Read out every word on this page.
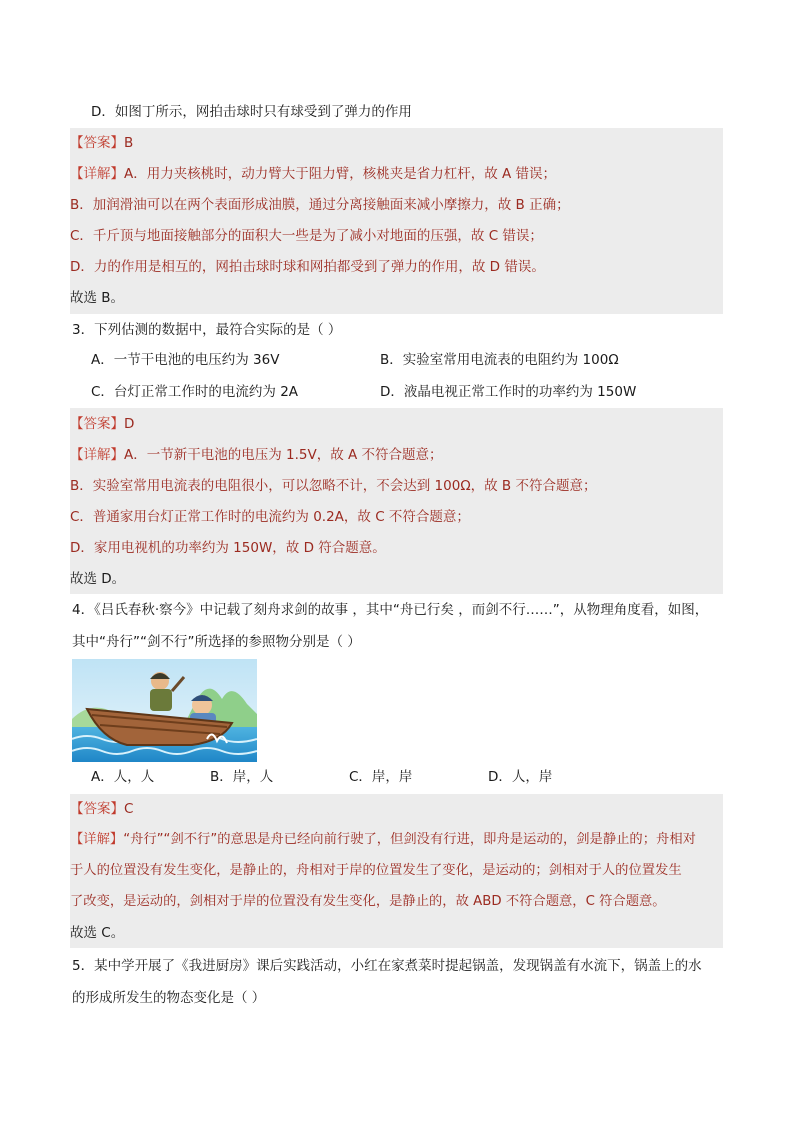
D．如图丁所示，网拍击球时只有球受到了弹力的作用
【答案】B
【详解】A．用力夹核桃时，动力臂大于阻力臂，核桃夹是省力杠杆，故 A 错误；
B．加润滑油可以在两个表面形成油膜，通过分离接触面来减小摩擦力，故 B 正确；
C．千斤顶与地面接触部分的面积大一些是为了减小对地面的压强，故 C 错误；
D．力的作用是相互的，网拍击球时球和网拍都受到了弹力的作用，故 D 错误。
故选 B。
3．下列估测的数据中，最符合实际的是（ ）
A．一节干电池的电压约为 36V	B．实验室常用电流表的电阻约为 100Ω
C．台灯正常工作时的电流约为 2A	D．液晶电视正常工作时的功率约为 150W
【答案】D
【详解】A．一节新干电池的电压为 1.5V，故 A 不符合题意；
B．实验室常用电流表的电阻很小，可以忽略不计，不会达到 100Ω，故 B 不符合题意；
C．普通家用台灯正常工作时的电流约为 0.2A，故 C 不符合题意；
D．家用电视机的功率约为 150W，故 D 符合题意。
故选 D。
4．《吕氏春秋·察今》中记载了刻舟求剑的故事 ，其中“舟已行矣 ，而剑不行……”，从物理角度看，如图，
其中“舟行”“剑不行”所选择的参照物分别是（ ）
A．人，人	B．岸，人	C．岸，岸	D．人，岸
【答案】C
【详解】“舟行”“剑不行”的意思是舟已经向前行驶了，但剑没有行进，即舟是运动的，剑是静止的；舟相对
于人的位置没有发生变化，是静止的，舟相对于岸的位置发生了变化，是运动的；剑相对于人的位置发生
了改变，是运动的，剑相对于岸的位置没有发生变化，是静止的，故 ABD 不符合题意，C 符合题意。
故选 C。
5．某中学开展了《我进厨房》课后实践活动，小红在家煮菜时提起锅盖，发现锅盖有水流下，锅盖上的水
的形成所发生的物态变化是（ ）
